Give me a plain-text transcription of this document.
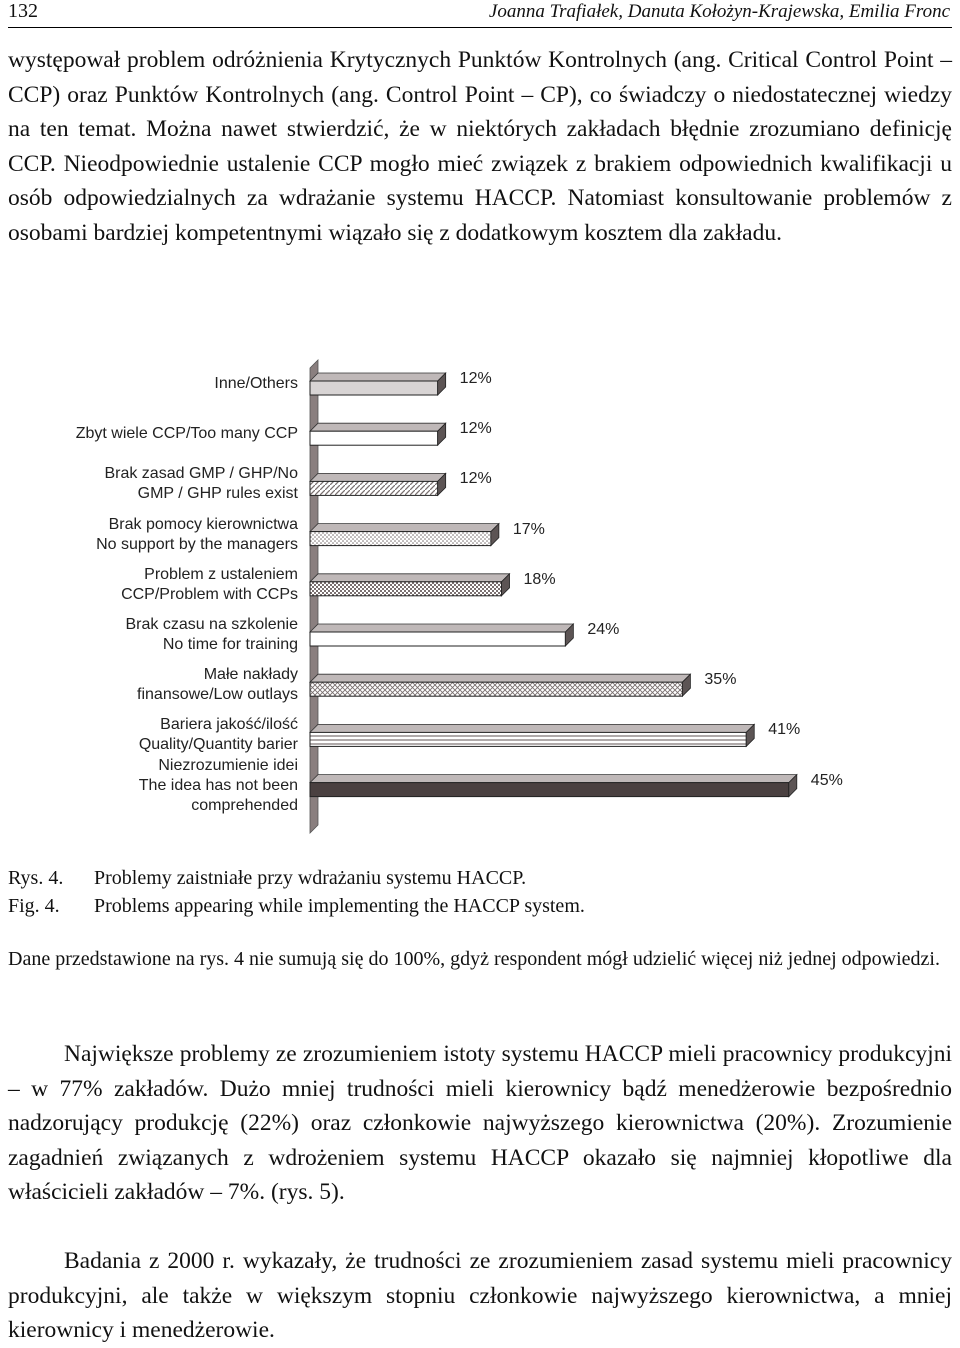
132	Joanna Trafiałek, Danuta Kołożyn-Krajewska, Emilia Fronc

występował problem odróżnienia Krytycznych Punktów Kontrolnych (ang. Critical Control Point – CCP) oraz Punktów Kontrolnych (ang. Control Point – CP), co świadczy o niedostatecznej wiedzy na ten temat. Można nawet stwierdzić, że w niektórych zakładach błędnie zrozumiano definicję CCP. Nieodpowiednie ustalenie CCP mogło mieć związek z brakiem odpowiednich kwalifikacji u osób odpowiedzialnych za wdrażanie systemu HACCP. Natomiast konsultowanie problemów z osobami bardziej kompetentnymi wiązało się z dodatkowym kosztem dla zakładu.

Inne/Others	12%
Zbyt wiele CCP/Too many CCP	12%
Brak zasad GMP / GHP/No
GMP / GHP rules exist
12%
Brak pomocy kierownictwa
No support by the managers
17%
Problem z ustaleniem
CCP/Problem with CCPs
18%
Brak czasu na szkolenie
No time for training
24%
Małe nakłady
finansowe/Low outlays
35%
Bariera jakość/ilość
Quality/Quantity barier
41%
Niezrozumienie idei
The idea has not been
comprehended
45%
Rys. 4.	Problemy zaistniałe przy wdrażaniu systemu HACCP.
Fig. 4.	Problems appearing while implementing the HACCP system.

Dane przedstawione na rys. 4 nie sumują się do 100%, gdyż respondent mógł udzielić więcej niż jednej odpowiedzi.

Największe problemy ze zrozumieniem istoty systemu HACCP mieli pracownicy produkcyjni – w 77% zakładów. Dużo mniej trudności mieli kierownicy bądź menedżerowie bezpośrednio nadzorujący produkcję (22%) oraz członkowie najwyższego kierownictwa (20%). Zrozumienie zagadnień związanych z wdrożeniem systemu HACCP okazało się najmniej kłopotliwe dla właścicieli zakładów – 7%. (rys. 5).

Badania z 2000 r. wykazały, że trudności ze zrozumieniem zasad systemu mieli pracownicy produkcyjni, ale także w większym stopniu członkowie najwyższego kierownictwa, a mniej kierownicy i menedżerowie.
